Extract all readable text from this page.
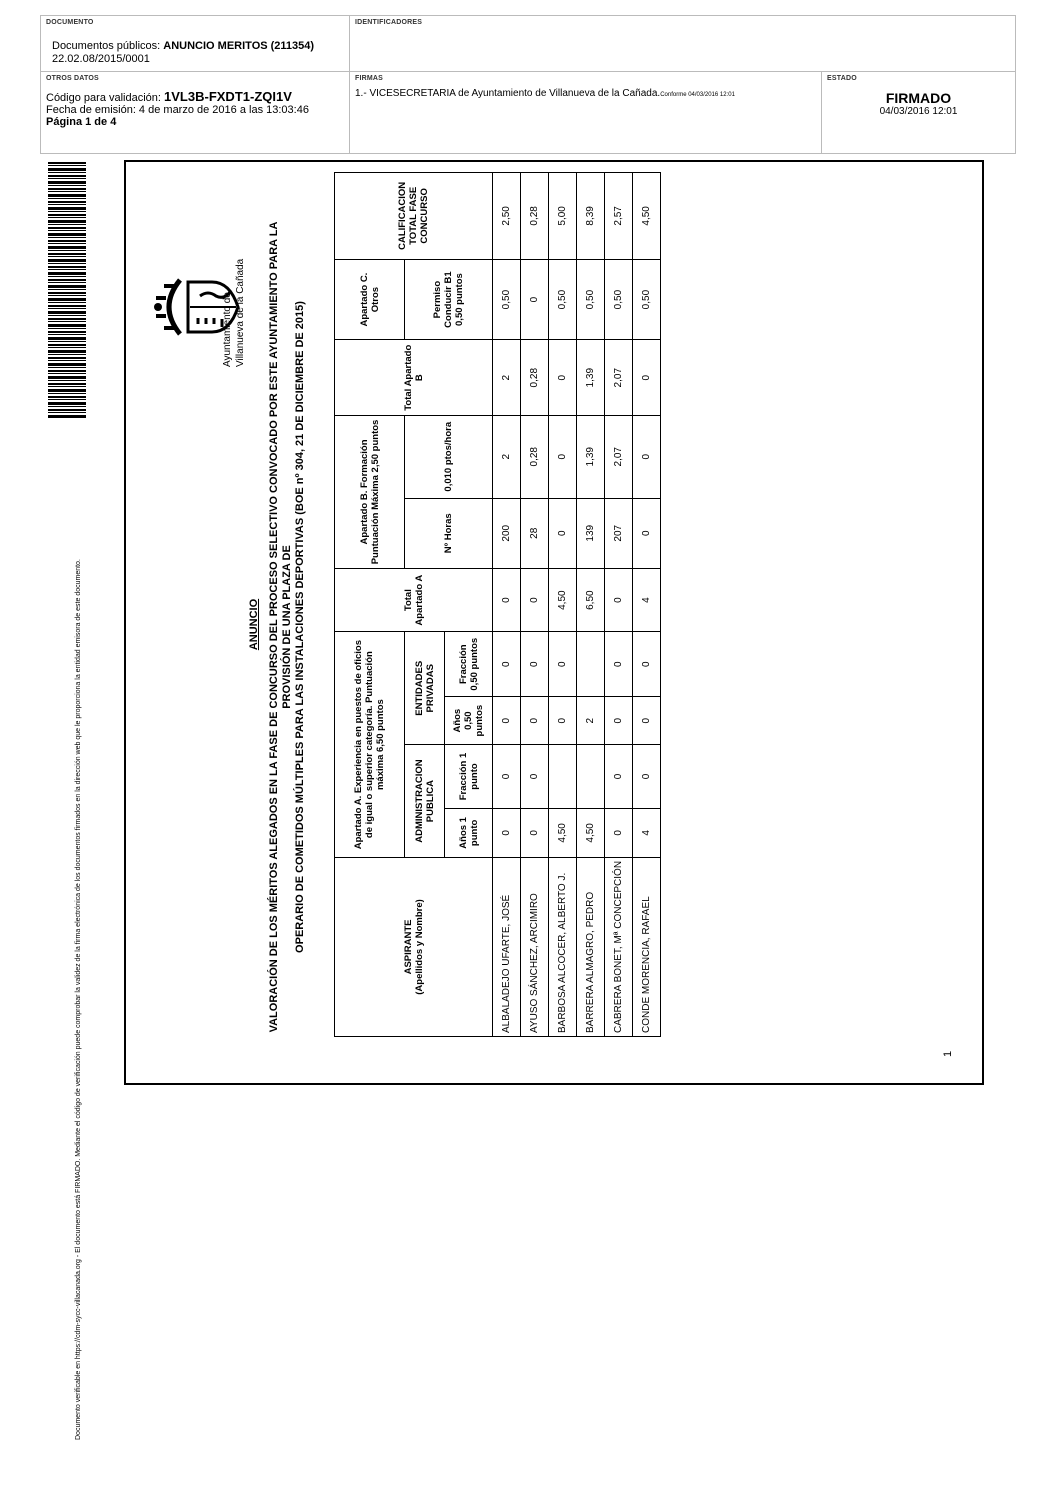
DOCUMENTO
Documentos públicos: ANUNCIO MERITOS (211354)
22.02.08/2015/0001
IDENTIFICADORES
OTROS DATOS
Código para validación: 1VL3B-FXDT1-ZQI1V
Fecha de emisión: 4 de marzo de 2016 a las 13:03:46
Página 1 de 4
FIRMAS
1.- VICESECRETARIA de Ayuntamiento de Villanueva de la Cañada.Conforme 04/03/2016 12:01
ESTADO
FIRMADO
04/03/2016 12:01
Documento verificable en https://cdm-sycc-villacanada.org - El documento está FIRMADO. Mediante el código de verificación puede comprobar la validez de la firma electrónica de los documentos firmados en la dirección web que le proporciona la entidad emisora de este documento.
Ayuntamiento de Villanueva de la Cañada
ANUNCIO VALORACIÓN DE LOS MÉRITOS ALEGADOS EN LA FASE DE CONCURSO DEL PROCESO SELECTIVO CONVOCADO POR ESTE AYUNTAMIENTO PARA LA PROVISIÓN DE UNA PLAZA DE OPERARIO DE COMETIDOS MÚLTIPLES PARA LAS INSTALACIONES DEPORTIVAS (BOE nº 304, 21 DE DICIEMBRE DE 2015)	ASPIRANTE (Apellidos y Nombre)	Apartado A. Experiencia en puestos de oficios de igual o superior categoría. Puntuación máxima 6,50 puntos				Total Apartado A	Apartado B. Formación Puntuación Máxima 2,50 puntos		Total Apartado B	Apartado C. Otros	CALIFICACION TOTAL FASE CONCURSO
	ADMINISTRACION PUBLICA		ENTIDADES PRIVADAS			Nº Horas	0,010 ptos/hora		Permiso Conducir B1 0,50 puntos	
	Años 1 punto	Fracción 1 punto	Años 0,50 puntos	Fracción 0,50 puntos						
ALBALADEJO UFARTE, JOSÉ	0	0	0	0	0	200	2	2	0,50	2,50
AYUSO SÁNCHEZ, ARCIMIRO	0	0	0	0	0	28	0,28	0,28	0	0,28
BARBOSA ALCOCER, ALBERTO J.	4,50		0	0	4,50	0	0	0	0,50	5,00
BARRERA ALMAGRO, PEDRO	4,50		2		6,50	139	1,39	1,39	0,50	8,39
CABRERA BONET, Mª CONCEPCIÓN	0	0	0	0	0	207	2,07	2,07	0,50	2,57
CONDE MORENCIA, RAFAEL	4	0	0	0	4	0	0	0	0,50	4,50
1
